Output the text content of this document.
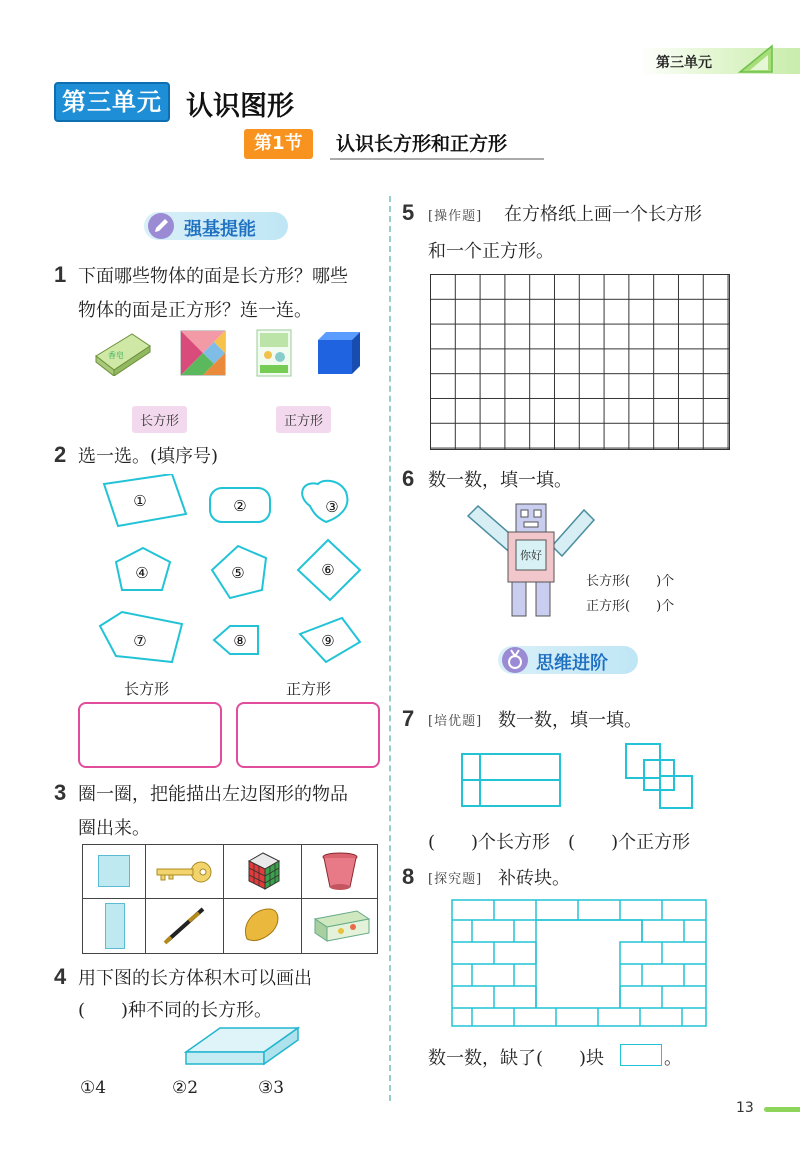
第三单元
第三单元 认识图形
第1节	认识长方形和正方形
强基提能
1 下面哪些物体的面是长方形？哪些
物体的面是正方形？连一连。
香皂
长方形	正方形
2 选一选。(填序号)
①	②	③
④	⑤	⑥
⑦	⑧	⑨
长方形	正方形
3 圈一圈，把能描出左边图形的物品
圈出来。
4 用下图的长方体积木可以画出
(　　)种不同的长方形。
①4	②2	③3
5 [操作题] 在方格纸上画一个长方形
和一个正方形。
6 数一数，填一填。
你好
长方形(　　)个
正方形(　　)个
思维进阶
7 [培优题] 数一数，填一填。
(　　)个长方形　(　　)个正方形
8 [探究题] 补砖块。
数一数，缺了(　　)块	。
13
